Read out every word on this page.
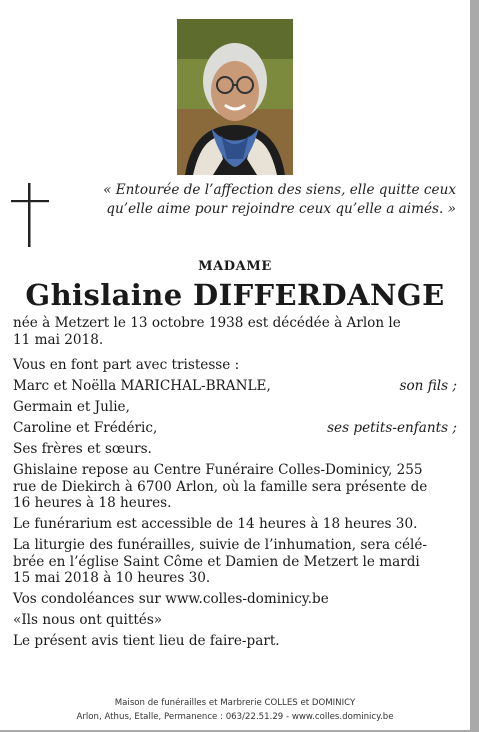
« Entourée de l’affection des siens, elle quitte ceux
qu’elle aime pour rejoindre ceux qu’elle a aimés. »
MADAME
Ghislaine DIFFERDANGE
née à Metzert le 13 octobre 1938 est décédée à Arlon le
11 mai 2018.
Vous en font part avec tristesse :
Marc et Noëlla MARICHAL-BRANLE,	son fils ;
Germain et Julie,
Caroline et Frédéric,	ses petits-enfants ;
Ses frères et sœurs.
Ghislaine repose au Centre Funéraire Colles-Dominicy, 255
rue de Diekirch à 6700 Arlon, où la famille sera présente de
16 heures à 18 heures.
Le funérarium est accessible de 14 heures à 18 heures 30.
La liturgie des funérailles, suivie de l’inhumation, sera célé-
brée en l’église Saint Côme et Damien de Metzert le mardi
15 mai 2018 à 10 heures 30.
Vos condoléances sur www.colles-dominicy.be
«Ils nous ont quittés»
Le présent avis tient lieu de faire-part.
Maison de funérailles et Marbrerie COLLES et DOMINICY
Arlon, Athus, Etalle, Permanence : 063/22.51.29 - www.colles.dominicy.be
